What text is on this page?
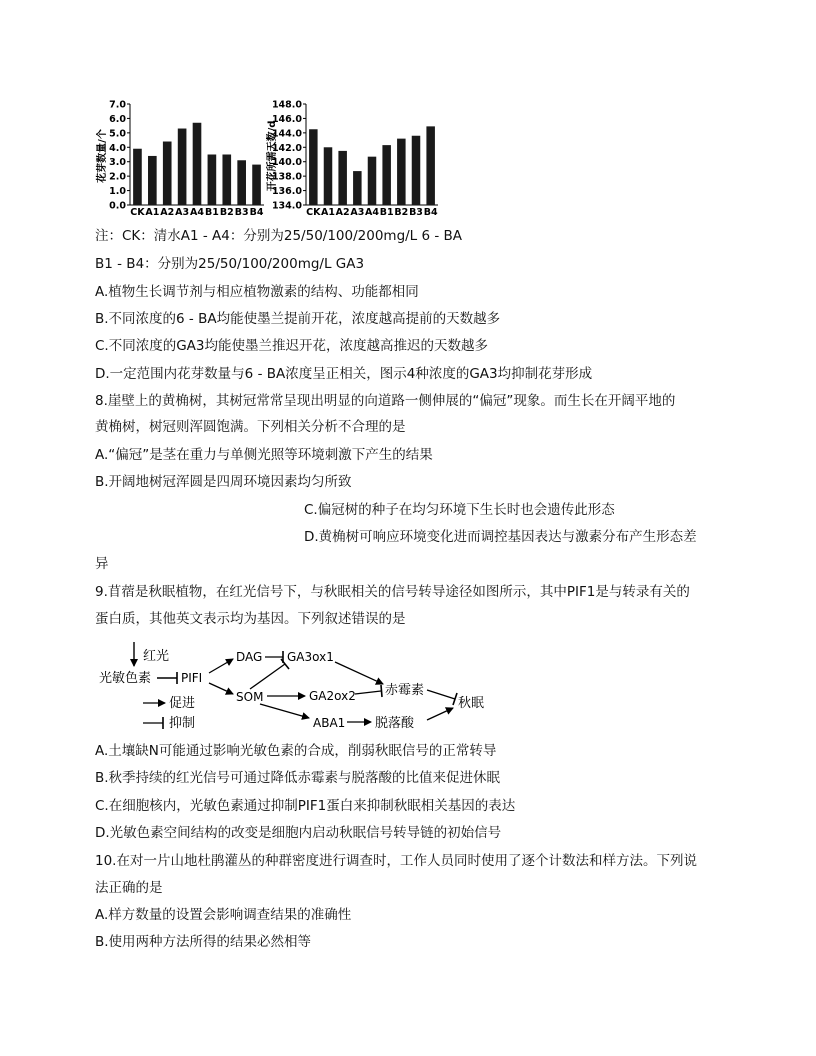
花芽数量/个
0.0
1.0
2.0
3.0
4.0
5.0
6.0
7.0
CK A1 A2 A3 A4 B1 B2 B3 B4
开花所需天数/d
134.0
136.0
138.0
140.0
142.0
144.0
146.0
148.0
CK A1 A2 A3 A4 B1 B2 B3 B4
注：CK：清水A1 - A4：分别为25/50/100/200mg/L 6 - BA
B1 - B4：分别为25/50/100/200mg/L GA3
A.植物生长调节剂与相应植物激素的结构、功能都相同
B.不同浓度的6 - BA均能使墨兰提前开花，浓度越高提前的天数越多
C.不同浓度的GA3均能使墨兰推迟开花，浓度越高推迟的天数越多
D.一定范围内花芽数量与6 - BA浓度呈正相关，图示4种浓度的GA3均抑制花芽形成
8.崖壁上的黄桷树，其树冠常常呈现出明显的向道路一侧伸展的“偏冠”现象。而生长在开阔平地的
黄桷树，树冠则浑圆饱满。下列相关分析不合理的是
A.“偏冠”是茎在重力与单侧光照等环境刺激下产生的结果
B.开阔地树冠浑圆是四周环境因素均匀所致
C.偏冠树的种子在均匀环境下生长时也会遗传此形态
D.黄桷树可响应环境变化进而调控基因表达与激素分布产生形态差
异
9.苜蓿是秋眠植物，在红光信号下，与秋眠相关的信号转导途径如图所示，其中PIF1是与转录有关的
蛋白质，其他英文表示均为基因。下列叙述错误的是
红光
光敏色素 PIFI
DAG GA3ox1
SOM	GA2ox2
ABA1
赤霉素
脱落酸
秋眠
促进
抑制
A.土壤缺N可能通过影响光敏色素的合成，削弱秋眠信号的正常转导
B.秋季持续的红光信号可通过降低赤霉素与脱落酸的比值来促进休眠
C.在细胞核内，光敏色素通过抑制PIF1蛋白来抑制秋眠相关基因的表达
D.光敏色素空间结构的改变是细胞内启动秋眠信号转导链的初始信号
10.在对一片山地杜鹃灌丛的种群密度进行调查时，工作人员同时使用了逐个计数法和样方法。下列说
法正确的是
A.样方数量的设置会影响调查结果的准确性
B.使用两种方法所得的结果必然相等
